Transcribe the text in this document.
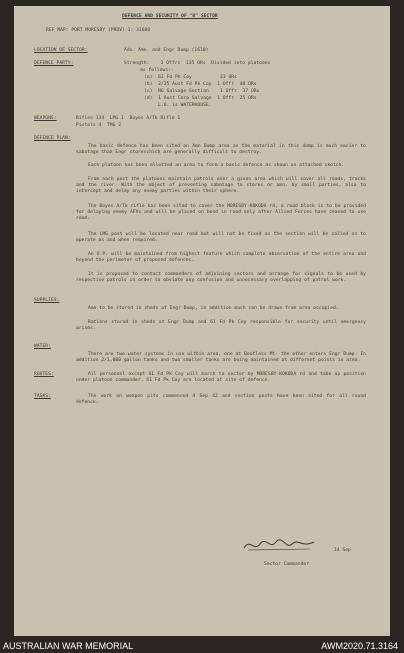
DEFENCE AND SECURITY OF "B" SECTOR
REF MAP: PORT MORESBY (PROV) 1: 31680
LOCATION OF SECTOR:	Adv. Amn. and Engr Dump (1610)
DEFENCE PARTY:	Strength:    3 Offrs  135 ORs  Divided into platoons
as follows:-
(a)  61 Fd Pk Coy          23 ORs
(b)  2/25 Aust Fd Pk Coy  1 Offr  40 ORs
(c)  NG Salvage Section    1 Offr  37 ORs
(d)  1 Aust Corp Salvage  1 Offr  25 ORs
L.O. is WATERHOUSE.
WEAPONS:	Rifles 134  LMG 1  Boyes A/Tk Rifle 1
Pistols 4  TMG 2
DEFENCE PLAN:
The basic defence has been sited on Amn Dump area as the material in this dump is much easier to sabotage than Engr storeschich are generally difficult to destroy.
Each platoon has been allotted an area to form a basic defence as shown on attached sketch.
From each post the platoons maintain patrols over a given area which will cover all roads, tracks and the river. With the object of preventing sabotage to stores or amn. by small parties, also to intercept and delay any enemy parties within their sphere.
The Boyes A/Tk rifle has been sited to cover the MORESBY-KOKODA rd, a road block is to be provided for delaying enemy AFVs and will be placed on bend in road only after Allied Forces have ceased to use road.
The LMG post will be located near road but will not be fixed as the section will be called on to operate as and when required.
An O.P. will be maintained from highest feature which complete observation of the entire area and beyond the perimeter of proposed defences.
It is proposed to contact commanders of adjoining sectors and arrange for signals to be used by respective patrols in order to obviate any confusion and unnecessary overlapping of patrol work.
SUPPLIES:
Amn to be stored in sheds at Engr Dump, in addition much can be drawn from area occupied.
Rations stored in sheds at Engr Dump and 61 Fd Pk Coy responsible for security until emergency arises.
WATER:
There are two water systems in use within area, one at Bootless Mt- the other enters Engr Dump. In addition 2/1,000 gallon tanks and two smaller tanks are being maintained at different points in area.
ROUTES:	All personnel except 61 Fd Pk Coy will march to sector by MORESBY-KOKODA rd and take up position under platoon commander. 61 Fd Pk Coy are located at site of defence.
TASKS:	The work on weapon pits commenced 4 Sep 42 and section posts have been sited for all round defence.
14 Sep
Sector Commander
AUSTRALIAN WAR MEMORIAL	AWM2020.71.3164
